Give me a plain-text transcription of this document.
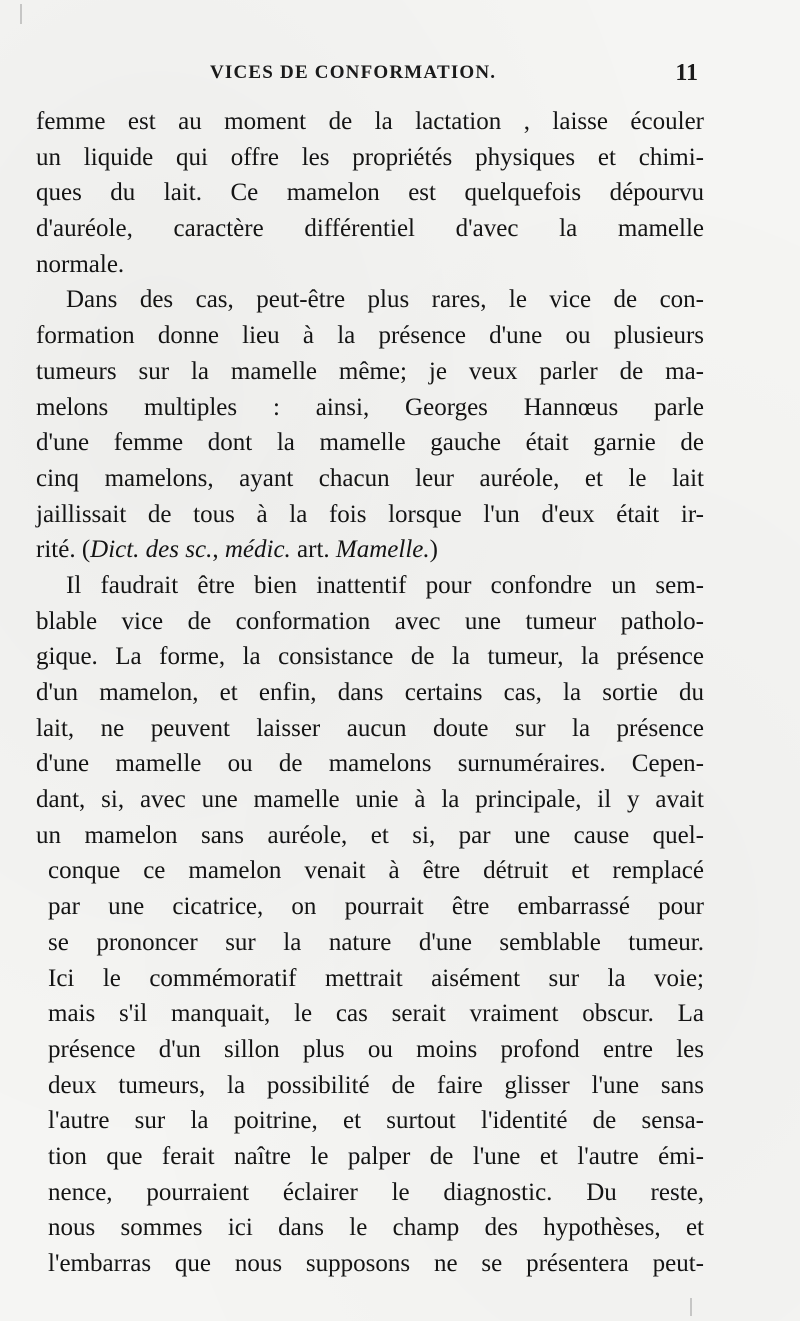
VICES DE CONFORMATION.	11
femme est au moment de la lactation , laisse écouler
un liquide qui offre les propriétés physiques et chimi-
ques du lait. Ce mamelon est quelquefois dépourvu
d'auréole, caractère différentiel d'avec la mamelle
normale.
Dans des cas, peut-être plus rares, le vice de con-
formation donne lieu à la présence d'une ou plusieurs
tumeurs sur la mamelle même; je veux parler de ma-
melons multiples : ainsi, Georges Hannœus parle
d'une femme dont la mamelle gauche était garnie de
cinq mamelons, ayant chacun leur auréole, et le lait
jaillissait de tous à la fois lorsque l'un d'eux était ir-
rité. (Dict. des sc., médic. art. Mamelle.)
Il faudrait être bien inattentif pour confondre un sem-
blable vice de conformation avec une tumeur patholo-
gique. La forme, la consistance de la tumeur, la présence
d'un mamelon, et enfin, dans certains cas, la sortie du
lait, ne peuvent laisser aucun doute sur la présence
d'une mamelle ou de mamelons surnuméraires. Cepen-
dant, si, avec une mamelle unie à la principale, il y avait
un mamelon sans auréole, et si, par une cause quel-
conque ce mamelon venait à être détruit et remplacé
par une cicatrice, on pourrait être embarrassé pour
se prononcer sur la nature d'une semblable tumeur.
Ici le commémoratif mettrait aisément sur la voie;
mais s'il manquait, le cas serait vraiment obscur. La
présence d'un sillon plus ou moins profond entre les
deux tumeurs, la possibilité de faire glisser l'une sans
l'autre sur la poitrine, et surtout l'identité de sensa-
tion que ferait naître le palper de l'une et l'autre émi-
nence, pourraient éclairer le diagnostic. Du reste,
nous sommes ici dans le champ des hypothèses, et
l'embarras que nous supposons ne se présentera peut-
